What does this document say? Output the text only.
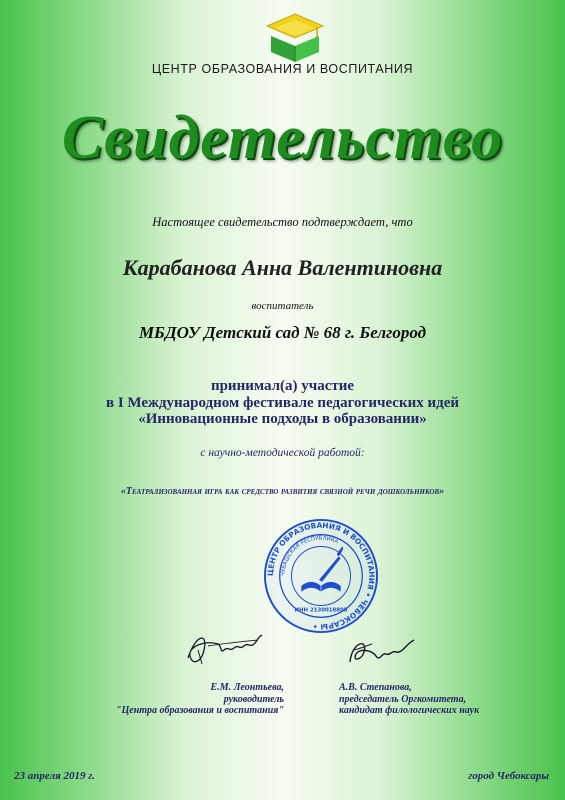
ЦЕНТР ОБРАЗОВАНИЯ И ВОСПИТАНИЯ
Свидетельство
Настоящее свидетельство подтверждает, что
Карабанова Анна Валентиновна
воспитатель
МБДОУ Детский сад № 68 г. Белгород
принимал(а) участие
в I Международном фестивале педагогических идей
«Инновационные подходы в образовании»
с научно-методической работой:
«Театрализованная игра как средство развития связной речи дошкольников»
ЦЕНТР ОБРАЗОВАНИЯ И ВОСПИТАНИЯ • ЧЕБОКСАРЫ •
ЧУВАШСКАЯ РЕСПУБЛИКА
ИНН 2130018805
Е.М. Леонтьева,
руководитель
"Центра образования и воспитания"
А.В. Степанова,
председатель Оргкомитета,
кандидат филологических наук
23 апреля 2019 г.	город Чебоксары
